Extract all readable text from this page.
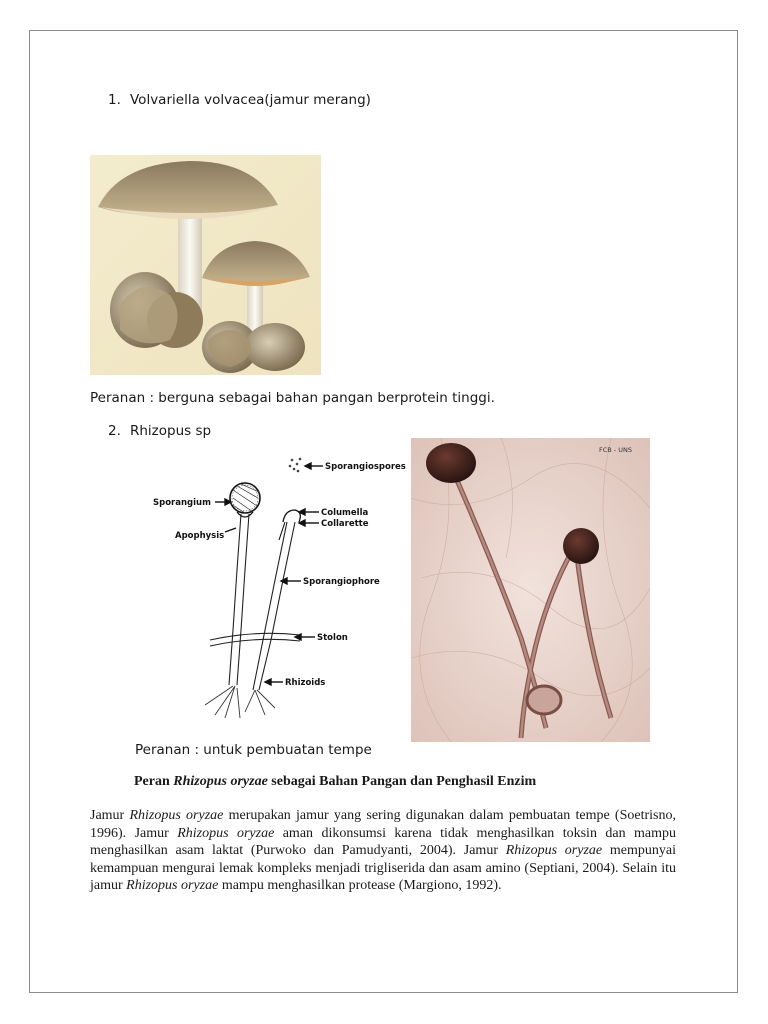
1. Volvariella volvacea(jamur merang)
Peranan : berguna sebagai bahan pangan berprotein tinggi.
2. Rhizopus sp
Sporangiospores
Sporangium
Columella
Collarette
Apophysis
Sporangiophore
Stolon
Rhizoids
FCB - UNS
Peranan : untuk pembuatan tempe
Peran Rhizopus oryzae sebagai Bahan Pangan dan Penghasil Enzim

Jamur Rhizopus oryzae merupakan jamur yang sering digunakan dalam pembuatan tempe (Soetrisno, 1996). Jamur Rhizopus oryzae aman dikonsumsi karena tidak menghasilkan toksin dan mampu menghasilkan asam laktat (Purwoko dan Pamudyanti, 2004). Jamur Rhizopus oryzae mempunyai kemampuan mengurai lemak kompleks menjadi trigliserida dan asam amino (Septiani, 2004). Selain itu jamur Rhizopus oryzae mampu menghasilkan protease (Margiono, 1992).
